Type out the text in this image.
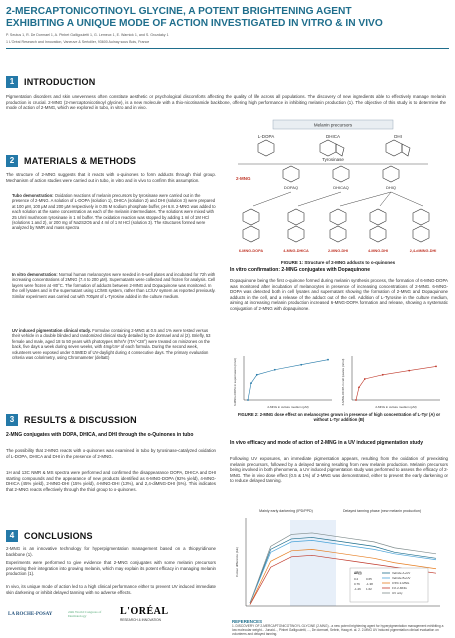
2-MERCAPTONICOTINOYL GLYCINE, A POTENT BRIGHTENING AGENT
EXHIBITING A UNIQUE MODE OF ACTION INVESTIGATED IN VITRO & IN VIVO
P. Seutus 1, R. De Dormael 1, A. Pinbet Galligouletti 1, G. Lemeux 1, E. Warnick 1, and S. Grozdaky 1
1 L'Oréal Research and Innovation, Vaneuve & Sertoliler, 93600 Aulnay sous Bois, France
1	INTRODUCTION
Pigmentation disorders and skin unevenness often constitute aesthetic or psychological discomforts affecting the quality of life across all populations. The discovery of new ingredients able to effectively manage melanin production is crucial. 2-MNG (2-mercaptonicotinoyl glycine), is a new molecule with a thio-nicotinamide backbone, offering high performance in inhibiting melanin production (1). The objective of this study is to determine the mode of action of 2-MNG, which we explored in tubo, in vitro and in vivo.
2	MATERIALS & METHODS
The structure of 2-MNG suggests that it reacts with o-quinones to form adducts through thiol group. Mechanism of action studies were carried out in tubo, in vitro and in vivo to confirm this assumption.
Tubo demonstration: Oxidation reactions of melanin precursors by tyrosinase were carried out in the presence of 2-MNG. A solution of L-DOPA (solution 1), DHICA (solution 2) and DHI (solution 3) were prepared at 100 µM, 100 µM and 200 µM respectively in 0.05 M sodium phosphate buffer, pH 6.8. 2-MNG was added to each solution at the same concentration as each of the melanin intermediates. The solutions were mixed with 25 U/ml mushroom tyrosinase in 1 ml buffer. The oxidation reaction was stopped by adding 1 ml of 1M HCl (solutions 1 and 2), or 200 mg of Na2S2O5 and 4 ml of 1 M HCl (solution 3). The structures formed were analyzed by NMR and mass spectra
In vitro demonstration: Normal human melanocytes were seeded in 6-well plates and incubated for 72h with increasing concentrations of 2MNG (7.4 to 200 µM). Supernatants were collected and frozen for analysis. Cell layers were frozen at -80°C. The formation of adducts between 2-MNG and Dopaquinone was monitored. In the cell lysates and in the supernatant using LC/MS system, rather than LC/UV system as reported previously. Similar experiment was carried out with 700µM of L-Tyrosine added in the culture medium.
UV induced pigmentation clinical study. Formulae containing 2-MNG at 0.5 and 1% were tested versus their vehicle in a double blinded and randomized clinical study detailed by De dormael and al (2). Briefly, 53 female and male, aged 18 to 50 years with phototypes III/IV/V (ITA°<28°) were treated on minizones on the back, five days a week during seven weeks, with 4mg/cm² of each formula. During the second week, volunteers were exposed under 0.5MED of UV-daylight during 4 consecutive days. The primary evaluation criteria was colorimetry, using Chromameter (deltaE)
3	RESULTS & DISCUSSION
2-MNG conjugates with DOPA, DHICA, and DHI through the o-Quinones in tubo
The possibility that 2-MNG reacts with o-quinones was examined in tubo by tyrosinase-catalyzed oxidation of L-DOPA, DHICA and DHI in the presence of 2-MNG.
1H and 13C NMR & MS spectra were performed and confirmed the disappearance DOPA, DHICA and DHI starting compounds and the appearance of new products identified as 6-MNG-DOPA (92% yield), 4-MNG-DHICA (45% yield), 2-MNG-DHI (15% yield), 4-MNG-DHI (13%), and 2,4-diMNG-DHI (5%). This indicates that 2-MNG reacts effectively through the thiol group to o-quinones.
4	CONCLUSIONS
2-MNG is an innovative technology for hyperpigmentation management based on a thiopyridinone backbone (1).
Experiments were performed to give evidence that 2-MNG conjugates with some melanin precursors preventing their integration into growing melanin, which may explain its potent efficacy in managing melanin production (1).
In vivo, its unique mode of action led to a high clinical performance either to prevent UV induced immediate skin darkening or inhibit delayed tanning with no adverse effects.
Melanin precursors
L-DOPA	DHICA	DHI
Tyrosinase
2-MNG
DOPAQ	DHICAQ	DHIQ
6-MNG-DOPA	4-MNG-DHICA	2-MNG-DHI	4-MNG-DHI	2,4-diMNG-DHI
FIGURE 1: Structure of 2-MNG adducts to o-quinones
In vitro confirmation: 2-MNG conjugates with Dopaquinone
Dopaquinone being the first o-quinone formed during melanin synthesis process, the formation of 6-MNG-DOPA was monitored after incubation of melanocytes in presence of increasing concentrations of 2-MNG. 6-MNG-DOPA was detected both in cell lysates and supernatant showing the formation of 2-MNG and Dopaquinone adducts in the cell, and a release of the adduct out of the cell. Addition of L-Tyrosine in the culture medium, aiming at increasing melanin production increased 6-MNG-DOPA formation and release, showing a systematic conjugation of 2-MNG with dopaquinone.
6-MNG-DOPA in supernatant (nmol)	6-MNG-DOPA in cell lysates (nmol)
2-MNG in culture medium (µM)	2-MNG in culture medium (µM)
FIGURE 2: 2-MNG dose effect on melanocytes grown in presence of high concentration of L-Tyr (A) or without L-Tyr addition (B)
In vivo efficacy and mode of action of 2-MNG in a UV induced pigmentation study
Following UV exposures, an immediate pigmentation appears, resulting from the oxidation of preexisting melanin precursors, followed by a delayed tanning resulting from new melanin production. Melanin precursors being involved in both phenomena, a UV induced pigmentation study was performed to assess the efficacy of 2-MNG. The in vivo dose effect (0.5 & 1%) of 2-MNG was demonstrated, either to prevent the early darkening or to reduce delayed tanning.
Mainly early darkening (IPD/PPD)	Delayed tanning phase (new melanin production)
Colour difference (ΔE)	ΔE(t)
0.2
0.76
-1.26
0.65
-1.38
1.62
Vehicle A+UV
Vehicle B+UV
0.5% 2-MNG
1% 2-MNG
UV only
REFERENCES
1. DISCOVERY OF 2-MERCAPTONICOTINOYL GLYCINE (2-MNG) - a new potent brightening agent for hyperpigmentation management exhibiting a low molecular weight... Junaid..., Pinbet Galligouletti, ..., De dormael, Sebrin, Haag et. al. 2. 2-MNG UV induced pigmentation clinical evaluation on volunteers and delayed tanning.
LA ROCHE-POSAY	24th World Congress of Dermatology	L'ORÉAL
RESEARCH & INNOVATION
